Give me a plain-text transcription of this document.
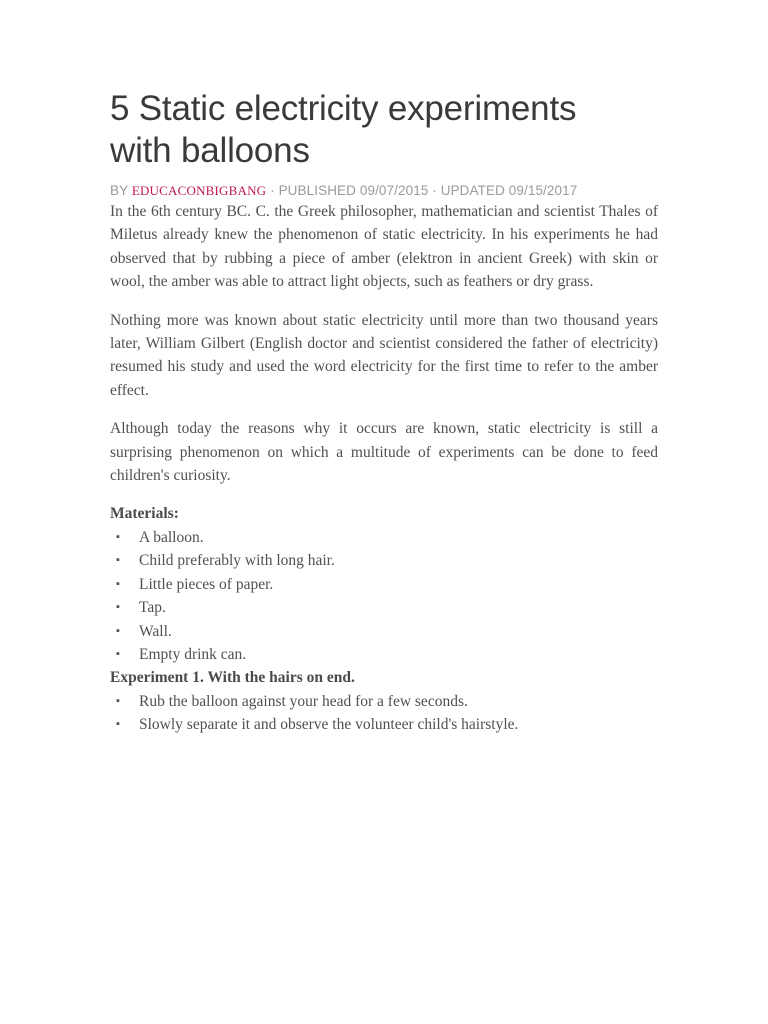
5 Static electricity experiments
with balloons
BY EDUCACONBIGBANG · PUBLISHED 09/07/2015 · UPDATED 09/15/2017

In the 6th century BC. C. the Greek philosopher, mathematician and scientist Thales of Miletus already knew the phenomenon of static electricity. In his experiments he had observed that by rubbing a piece of amber (elektron in ancient Greek) with skin or wool, the amber was able to attract light objects, such as feathers or dry grass.

Nothing more was known about static electricity until more than two thousand years later, William Gilbert (English doctor and scientist considered the father of electricity) resumed his study and used the word electricity for the first time to refer to the amber effect.

Although today the reasons why it occurs are known, static electricity is still a surprising phenomenon on which a multitude of experiments can be done to feed children's curiosity.

Materials:
▪ A balloon.
▪ Child preferably with long hair.
▪ Little pieces of paper.
▪ Tap.
▪ Wall.
▪ Empty drink can.
Experiment 1. With the hairs on end.
▪ Rub the balloon against your head for a few seconds.
▪ Slowly separate it and observe the volunteer child's hairstyle.
